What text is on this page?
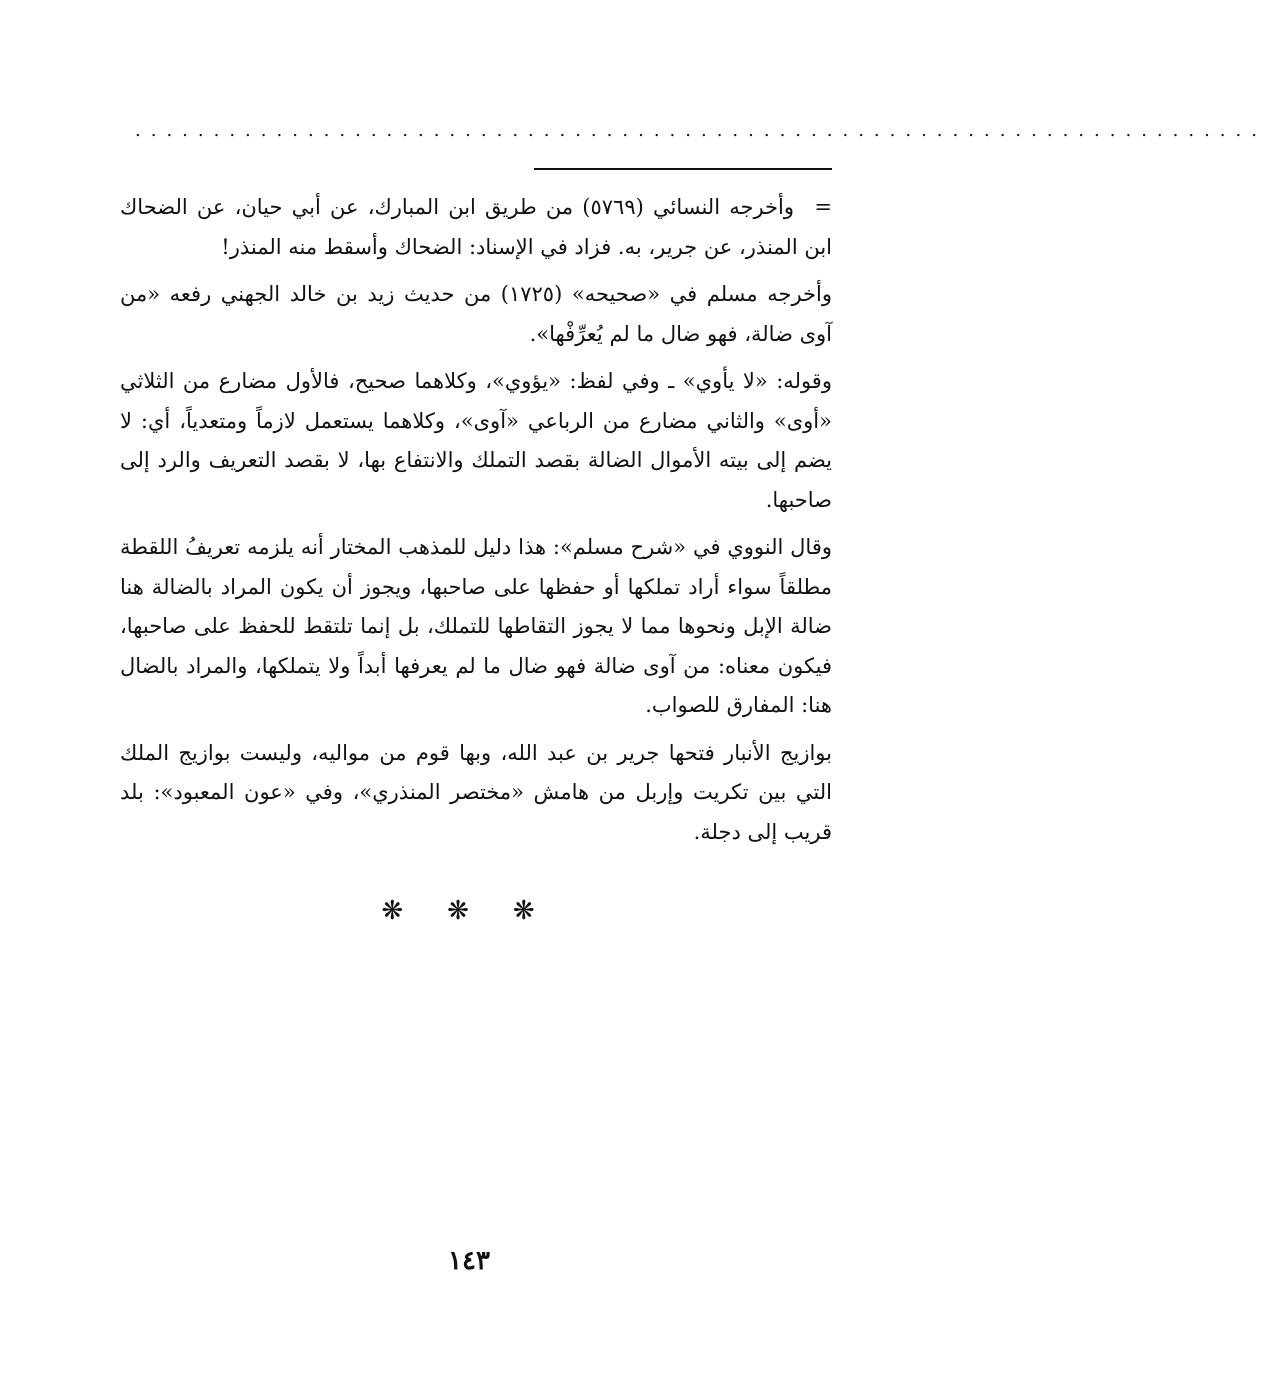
........................................................................

=وأخرجه النسائي (٥٧٦٩) من طريق ابن المبارك، عن أبي حيان، عن الضحاك ابن المنذر، عن جرير، به. فزاد في الإسناد: الضحاك وأسقط منه المنذر!

وأخرجه مسلم في «صحيحه» (١٧٢٥) من حديث زيد بن خالد الجهني رفعه «من آوى ضالة، فهو ضال ما لم يُعرِّفْها».

وقوله: «لا يأوي» ـ وفي لفظ: «يؤوي»، وكلاهما صحيح، فالأول مضارع من الثلاثي «أوى» والثاني مضارع من الرباعي «آوى»، وكلاهما يستعمل لازماً ومتعدياً، أي: لا يضم إلى بيته الأموال الضالة بقصد التملك والانتفاع بها، لا بقصد التعريف والرد إلى صاحبها.

وقال النووي في «شرح مسلم»: هذا دليل للمذهب المختار أنه يلزمه تعريفُ اللقطة مطلقاً سواء أراد تملكها أو حفظها على صاحبها، ويجوز أن يكون المراد بالضالة هنا ضالة الإبل ونحوها مما لا يجوز التقاطها للتملك، بل إنما تلتقط للحفظ على صاحبها، فيكون معناه: من آوى ضالة فهو ضال ما لم يعرفها أبداً ولا يتملكها، والمراد بالضال هنا: المفارق للصواب.

بوازيج الأنبار فتحها جرير بن عبد الله، وبها قوم من مواليه، وليست بوازيج الملك التي بين تكريت وإربل من هامش «مختصر المنذري»، وفي «عون المعبود»: بلد قريب إلى دجلة.

❋❋❋
١٤٣
